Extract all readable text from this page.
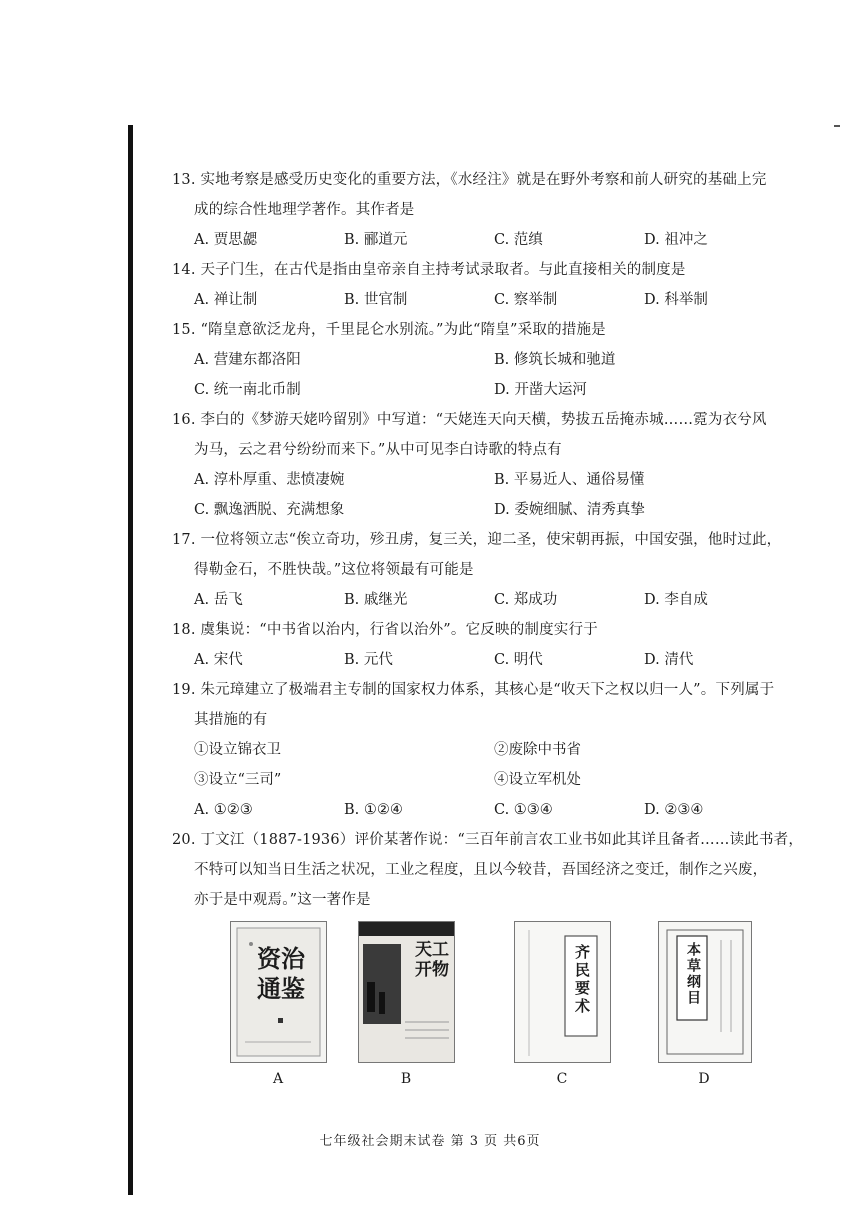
13. 实地考察是感受历史变化的重要方法，《水经注》就是在野外考察和前人研究的基础上完
成的综合性地理学著作。其作者是
A. 贾思勰	B. 郦道元	C. 范缜	D. 祖冲之
14. 天子门生，在古代是指由皇帝亲自主持考试录取者。与此直接相关的制度是
A. 禅让制	B. 世官制	C. 察举制	D. 科举制
15. “隋皇意欲泛龙舟，千里昆仑水别流。”为此“隋皇”采取的措施是
A. 营建东都洛阳	B. 修筑长城和驰道
C. 统一南北币制	D. 开凿大运河
16. 李白的《梦游天姥吟留别》中写道：“天姥连天向天横，势拔五岳掩赤城……霓为衣兮风
为马，云之君兮纷纷而来下。”从中可见李白诗歌的特点有
A. 淳朴厚重、悲愤凄婉	B. 平易近人、通俗易懂
C. 飘逸洒脱、充满想象	D. 委婉细腻、清秀真挚
17. 一位将领立志“俟立奇功，殄丑虏，复三关，迎二圣，使宋朝再振，中国安强，他时过此，
得勒金石，不胜快哉。”这位将领最有可能是
A. 岳飞	B. 戚继光	C. 郑成功	D. 李自成
18. 虞集说：“中书省以治内，行省以治外”。它反映的制度实行于
A. 宋代	B. 元代	C. 明代	D. 清代
19. 朱元璋建立了极端君主专制的国家权力体系，其核心是“收天下之权以归一人”。下列属于
其措施的有
①设立锦衣卫	②废除中书省
③设立“三司”	④设立军机处
A. ①②③	B. ①②④	C. ①③④	D. ②③④
20. 丁文江（1887-1936）评价某著作说：“三百年前言农工业书如此其详且备者……读此书者，
不特可以知当日生活之状况，工业之程度，且以今较昔，吾国经济之变迁，制作之兴废，
亦于是中观焉。”这一著作是
资治通鉴
天工开物	齐民要术	本草纲目
A	B	C	D
七年级社会期末试卷 第 3 页 共6页
